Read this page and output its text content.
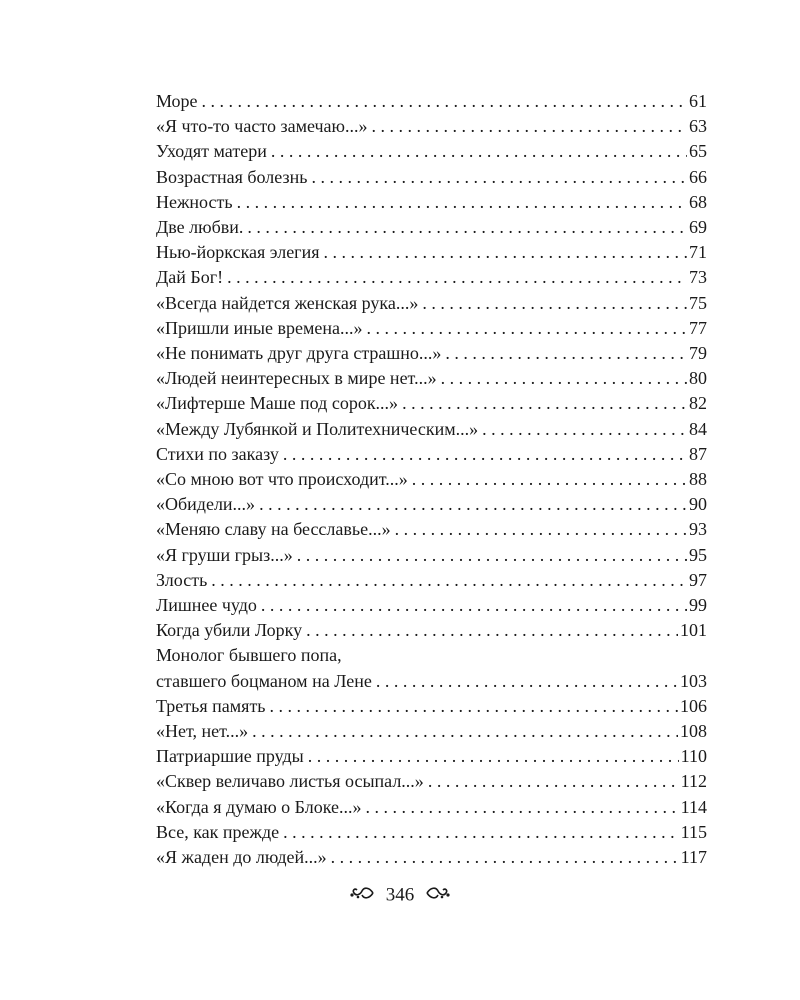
Море . . .	61
«Я что-то часто замечаю...» . . .	63
Уходят матери . . .	65
Возрастная болезнь . . .	66
Нежность . . .	68
Две любви. . . .	69
Нью-йоркская элегия . . .	71
Дай Бог! . . .	73
«Всегда найдется женская рука...» . . .	75
«Пришли иные времена...» . . .	77
«Не понимать друг друга страшно...» . . .	79
«Людей неинтересных в мире нет...» . . .	80
«Лифтерше Маше под сорок...» . . .	82
«Между Лубянкой и Политехническим...» . . .	84
Стихи по заказу . . .	87
«Со мною вот что происходит...» . . .	88
«Обидели...» . . .	90
«Меняю славу на бесславье...» . . .	93
«Я груши грыз...» . . .	95
Злость . . .	97
Лишнее чудо . . .	99
Когда убили Лорку . . .	101
Монолог бывшего попа,
ставшего боцманом на Лене . . .	103
Третья память . . .	106
«Нет, нет...» . . .	108
Патриаршие пруды . . .	110
«Сквер величаво листья осыпал...» . . .	112
«Когда я думаю о Блоке...» . . .	114
Все, как прежде . . .	115
«Я жаден до людей...» . . .	117
346
